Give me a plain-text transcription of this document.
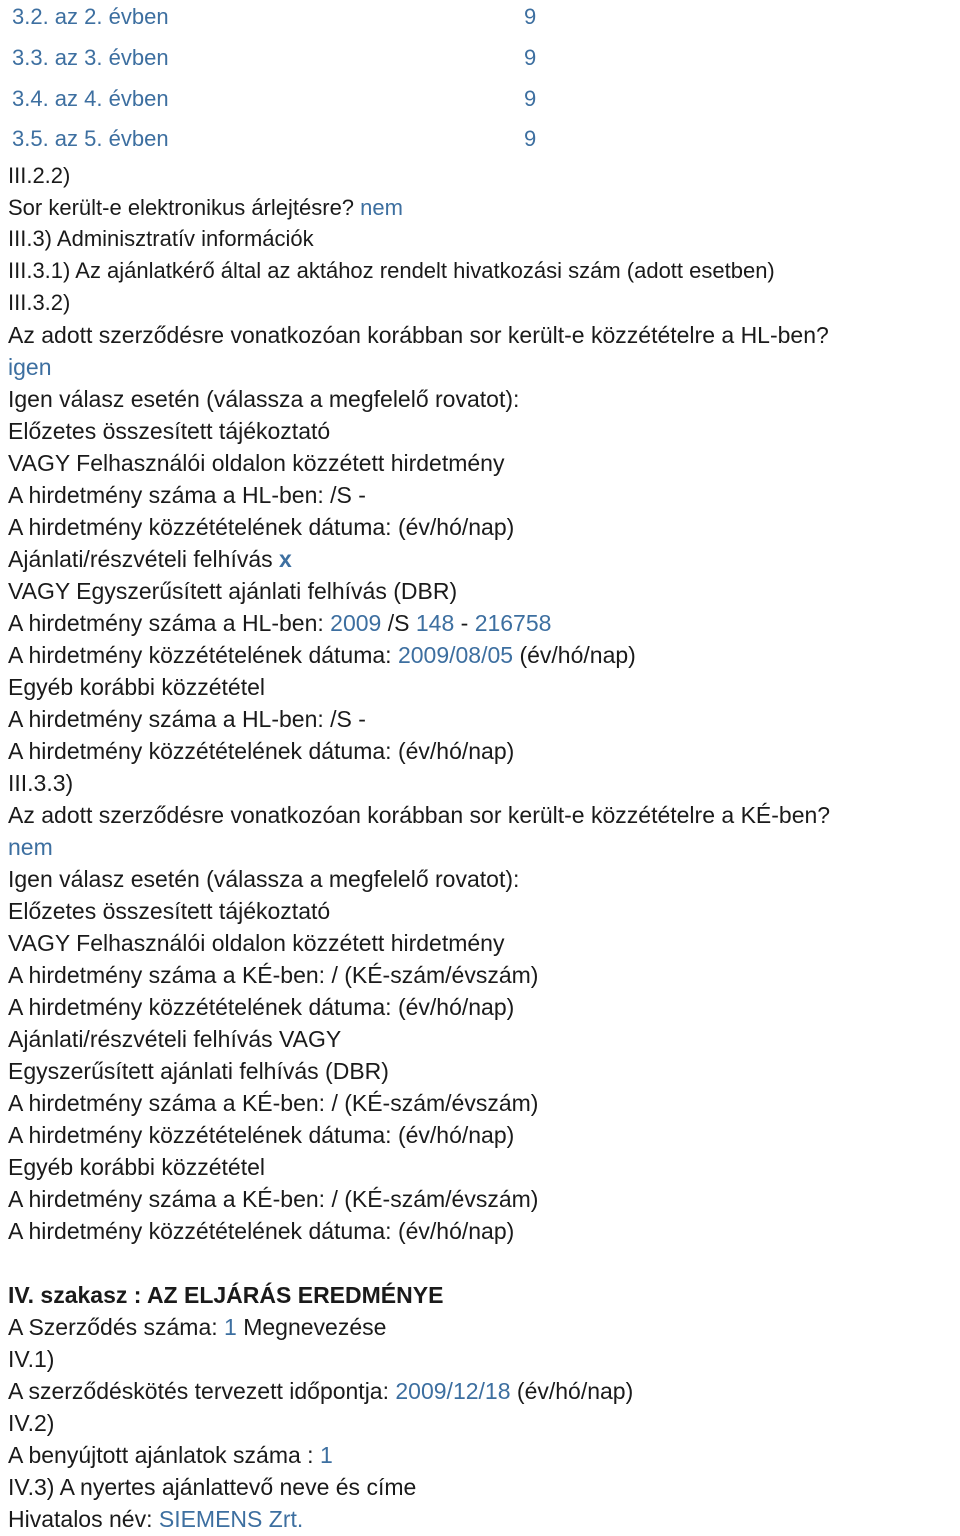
3.2. az 2. évben	9
3.3. az 3. évben	9
3.4. az 4. évben	9
3.5. az 5. évben	9
III.2.2)
Sor került-e elektronikus árlejtésre? nem
III.3) Adminisztratív információk
III.3.1) Az ajánlatkérő által az aktához rendelt hivatkozási szám (adott esetben)
III.3.2)
Az adott szerződésre vonatkozóan korábban sor került-e közzétételre a HL-ben?
igen
Igen válasz esetén (válassza a megfelelő rovatot):
Előzetes összesített tájékoztató
VAGY Felhasználói oldalon közzétett hirdetmény
A hirdetmény száma a HL-ben: /S -
A hirdetmény közzétételének dátuma: (év/hó/nap)
Ajánlati/részvételi felhívás x
VAGY Egyszerűsített ajánlati felhívás (DBR)
A hirdetmény száma a HL-ben: 2009 /S 148 - 216758
A hirdetmény közzétételének dátuma: 2009/08/05 (év/hó/nap)
Egyéb korábbi közzététel
A hirdetmény száma a HL-ben: /S -
A hirdetmény közzétételének dátuma: (év/hó/nap)
III.3.3)
Az adott szerződésre vonatkozóan korábban sor került-e közzétételre a KÉ-ben?
nem
Igen válasz esetén (válassza a megfelelő rovatot):
Előzetes összesített tájékoztató
VAGY Felhasználói oldalon közzétett hirdetmény
A hirdetmény száma a KÉ-ben: / (KÉ-szám/évszám)
A hirdetmény közzétételének dátuma: (év/hó/nap)
Ajánlati/részvételi felhívás VAGY
Egyszerűsített ajánlati felhívás (DBR)
A hirdetmény száma a KÉ-ben: / (KÉ-szám/évszám)
A hirdetmény közzétételének dátuma: (év/hó/nap)
Egyéb korábbi közzététel
A hirdetmény száma a KÉ-ben: / (KÉ-szám/évszám)
A hirdetmény közzétételének dátuma: (év/hó/nap)
IV. szakasz : AZ ELJÁRÁS EREDMÉNYE
A Szerződés száma: 1 Megnevezése
IV.1)
A szerződéskötés tervezett időpontja: 2009/12/18 (év/hó/nap)
IV.2)
A benyújtott ajánlatok száma : 1
IV.3) A nyertes ajánlattevő neve és címe
Hivatalos név: SIEMENS Zrt.
